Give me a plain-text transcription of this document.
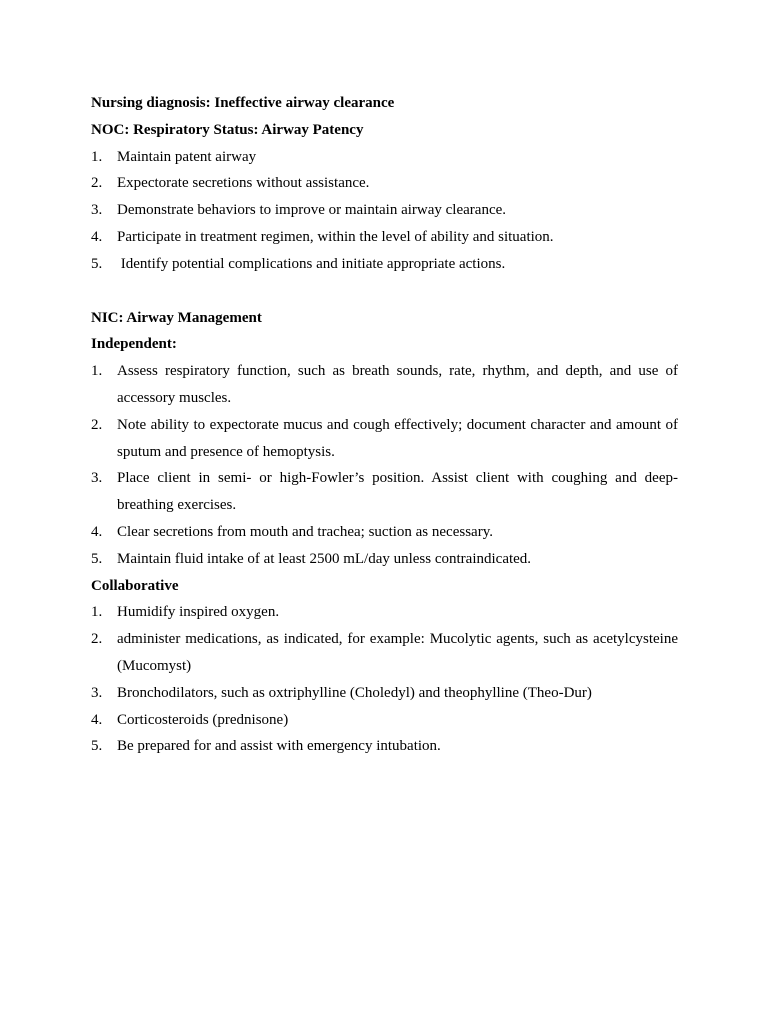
Nursing diagnosis: Ineffective airway clearance

NOC: Respiratory Status: Airway Patency

1. Maintain patent airway
2. Expectorate secretions without assistance.
3. Demonstrate behaviors to improve or maintain airway clearance.
4. Participate in treatment regimen, within the level of ability and situation.
5. Identify potential complications and initiate appropriate actions.

NIC: Airway Management

Independent:

1. Assess respiratory function, such as breath sounds, rate, rhythm, and depth, and use of accessory muscles.
2. Note ability to expectorate mucus and cough effectively; document character and amount of sputum and presence of hemoptysis.
3. Place client in semi- or high-Fowler’s position. Assist client with coughing and deep-breathing exercises.
4. Clear secretions from mouth and trachea; suction as necessary.
5. Maintain fluid intake of at least 2500 mL/day unless contraindicated.

Collaborative

1. Humidify inspired oxygen.
2. administer medications, as indicated, for example: Mucolytic agents, such as acetylcysteine (Mucomyst)
3. Bronchodilators, such as oxtriphylline (Choledyl) and theophylline (Theo-Dur)
4. Corticosteroids (prednisone)
5. Be prepared for and assist with emergency intubation.
